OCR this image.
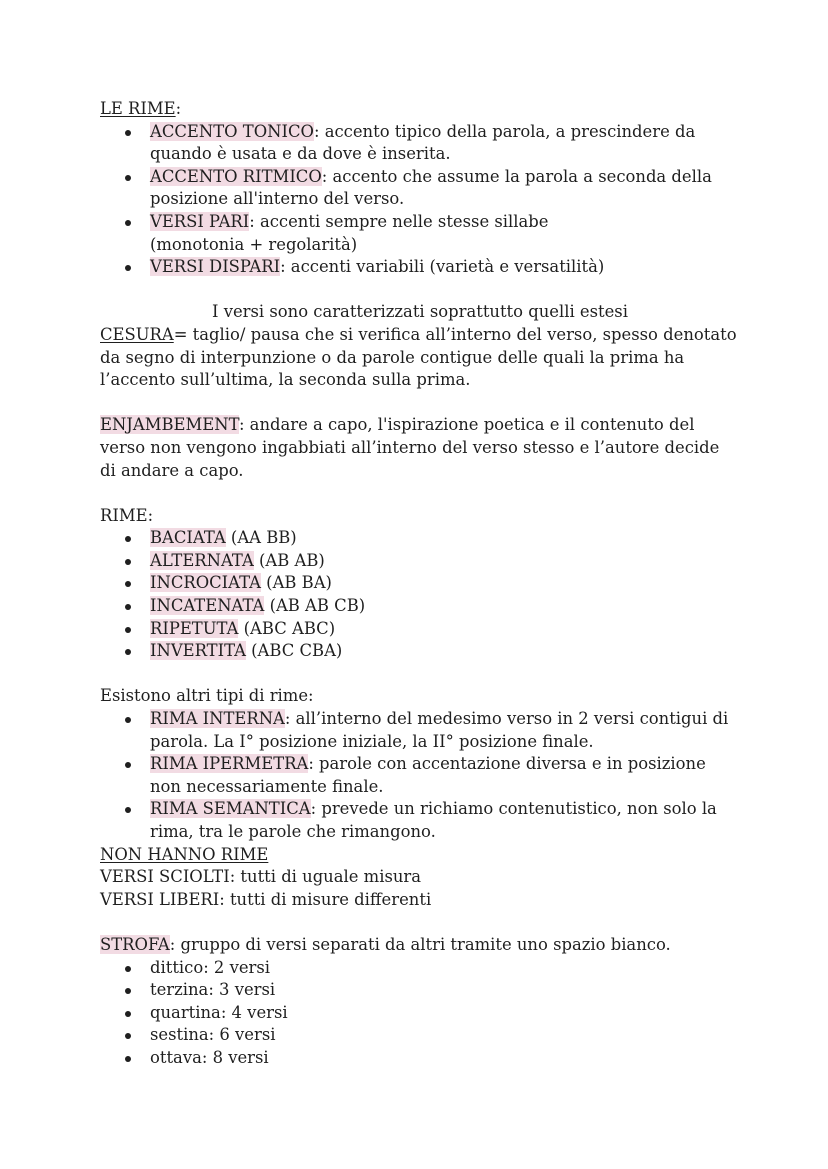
LE RIME:

ACCENTO TONICO: accento tipico della parola, a prescindere da quando è usata e da dove è inserita.
ACCENTO RITMICO: accento che assume la parola a seconda della posizione all'interno del verso.
VERSI PARI: accenti sempre nelle stesse sillabe
(monotonia + regolarità)
VERSI DISPARI: accenti variabili (varietà e versatilità)

I versi sono caratterizzati soprattutto quelli estesi

CESURA= taglio/ pausa che si verifica all’interno del verso, spesso denotato da segno di interpunzione o da parole contigue delle quali la prima ha l’accento sull’ultima, la seconda sulla prima.

ENJAMBEMENT: andare a capo, l'ispirazione poetica e il contenuto del verso non vengono ingabbiati all’interno del verso stesso e l’autore decide di andare a capo.

RIME:

BACIATA (AA BB)
ALTERNATA (AB AB)
INCROCIATA (AB BA)
INCATENATA (AB AB CB)
RIPETUTA (ABC ABC)
INVERTITA (ABC CBA)

Esistono altri tipi di rime:

RIMA INTERNA: all’interno del medesimo verso in 2 versi contigui di parola. La I° posizione iniziale, la II° posizione finale.
RIMA IPERMETRA: parole con accentazione diversa e in posizione non necessariamente finale.
RIMA SEMANTICA: prevede un richiamo contenutistico, non solo la rima, tra le parole che rimangono.

NON HANNO RIME

VERSI SCIOLTI: tutti di uguale misura

VERSI LIBERI: tutti di misure differenti

STROFA: gruppo di versi separati da altri tramite uno spazio bianco.

dittico: 2 versi
terzina: 3 versi
quartina: 4 versi
sestina: 6 versi
ottava: 8 versi
